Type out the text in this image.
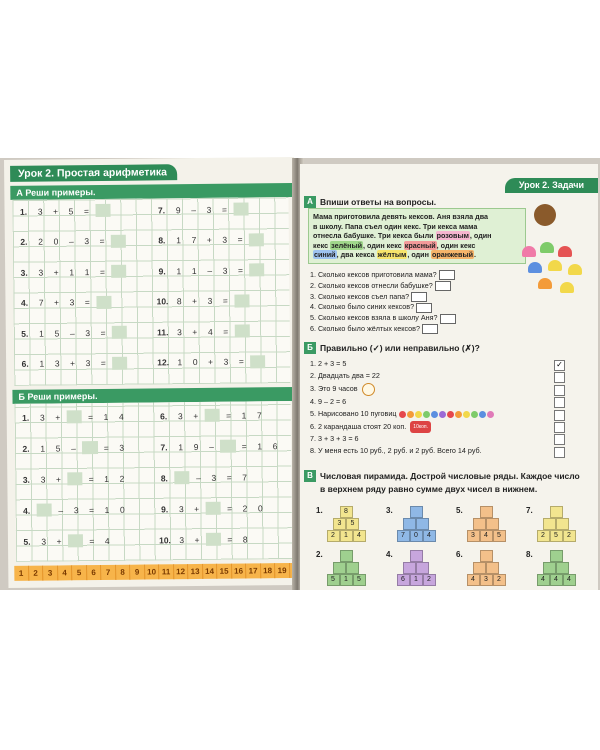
Урок 2. Простая арифметика
А Реши примеры.
1.	3	+	5	=	7.	9	–	3	=
2.	2	0	–	3	=	8.	1	7	+	3	=
3.	3	+	1	1	=	9.	1	1	–	3	=
4.	7	+	3	=	10. 8	+	3	=
5.	1	5	–	3	=	11.	3	+	4	=
6.	1	3	+	3	=	12. 1	0	+	3	=
Б Реши примеры.
1.	3	+	=	1	4	6.	3	+	=	1	7
2.	1	5	–	=	3	7.	1	9	–	=	1	6
3.	3	+	=	1	2	8.	–	3	=	7
4.	–	3	=	1	0	9.	3	+	=	2	0
5.	3	+	=	4	10. 3	+	=	8
1	2	3	4	5	6	7	8	9 10 11 12 13 14 15 16 17 18 19
Урок 2. Задачи
А Впиши ответы на вопросы.
Мама приготовила девять кексов. Аня взяла два
в школу. Папа съел один кекс. Три кекса мама
отнесла бабушке. Три кекса были розовым, один
кекс зелёный, один кекс красный, один кекс
синий, два кекса жёлтым, один оранжевый.
1. Сколько кексов приготовила мама?
2. Сколько кексов отнесли бабушке?
3. Сколько кексов съел папа?
4. Сколько было синих кексов?
5. Сколько кексов взяла в школу Аня?
6. Сколько было жёлтых кексов?
Б Правильно (✓) или неправильно (✗)?
1. 2 + 3 = 5
2. Двадцать два = 22
3. Это 9 часов
4. 9 – 2 = 6
5. Нарисовано 10 пуговиц
6. 2 карандаша стоят 20 коп.	10коп.
7. 3 + 3 + 3 = 6
8. У меня есть 10 руб., 2 руб. и 2 руб. Всего 14 руб.
✓
В Числовая пирамида. Дострой числовые ряды. Каждое число
в верхнем ряду равно сумме двух чисел в нижнем.
1.	8
3	5
2	1	4
3.
7	0	4
5.
3	4	5
7.
2	5	2
2.
5	1	5
4.
6	1	2
6.
4	3	2
8.
4	4	4
